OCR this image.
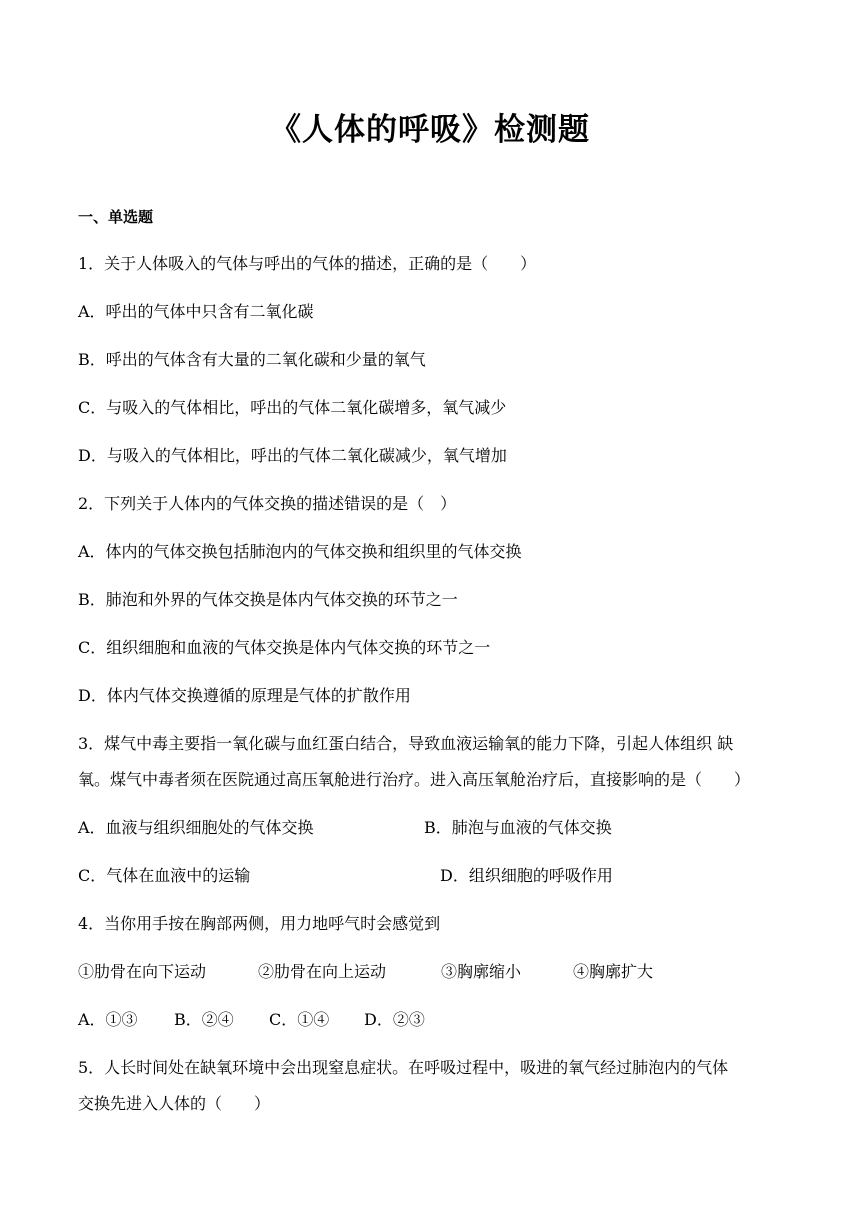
《人体的呼吸》检测题
一、单选题
1．关于人体吸入的气体与呼出的气体的描述，正确的是（　　）
A．呼出的气体中只含有二氧化碳
B．呼出的气体含有大量的二氧化碳和少量的氧气
C．与吸入的气体相比，呼出的气体二氧化碳增多，氧气减少
D．与吸入的气体相比，呼出的气体二氧化碳减少，氧气增加
2．下列关于人体内的气体交换的描述错误的是（　）
A．体内的气体交换包括肺泡内的气体交换和组织里的气体交换
B．肺泡和外界的气体交换是体内气体交换的环节之一
C．组织细胞和血液的气体交换是体内气体交换的环节之一
D．体内气体交换遵循的原理是气体的扩散作用
3．煤气中毒主要指一氧化碳与血红蛋白结合，导致血液运输氧的能力下降，引起人体组织 缺
氧。煤气中毒者须在医院通过高压氧舱进行治疗。进入高压氧舱治疗后，直接影响的是（　　）
A．血液与组织细胞处的气体交换	B．肺泡与血液的气体交换
C．气体在血液中的运输	D．组织细胞的呼吸作用
4．当你用手按在胸部两侧，用力地呼气时会感觉到
①肋骨在向下运动	②肋骨在向上运动	③胸廓缩小	④胸廓扩大
A．①③ B．②④ C．①④ D．②③
5．人长时间处在缺氧环境中会出现窒息症状。在呼吸过程中，吸进的氧气经过肺泡内的气体
交换先进入人体的（　　）
